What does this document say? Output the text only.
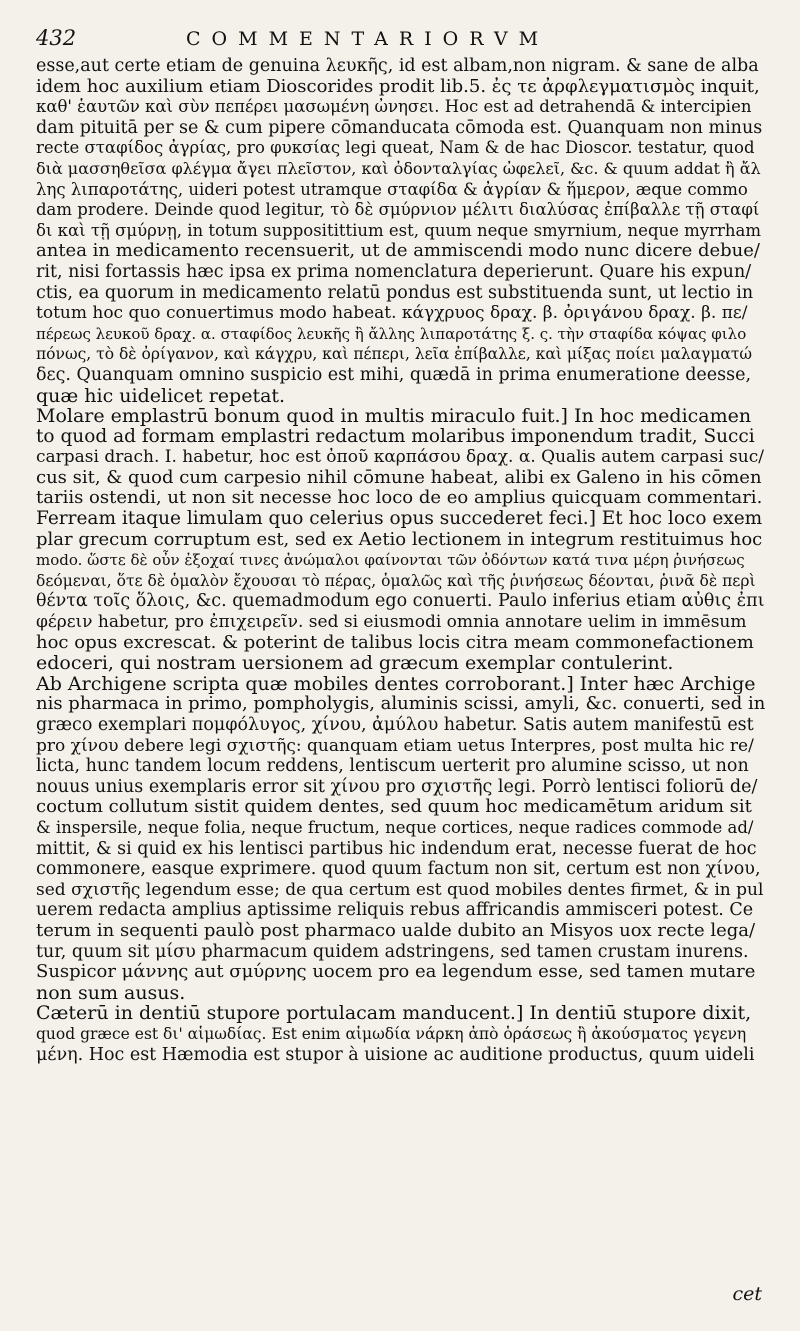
432	COMMENTARIORVM
esse,aut certe etiam de genuina λευκῆς, id est albam,non nigram. & sane de alba
idem hoc auxilium etiam Dioscorides prodit lib.5. ἐς τε ἀρφλεγματισμὸς inquit,
καθ' ἑαυτῶν καὶ σὺν πεπέρει μασωμένη ὠνησει. Hoc est ad detrahendā & intercipien
dam pituitā per se & cum pipere cōmanducata cōmoda est. Quanquam non minus
recte σταφίδος ἀγρίας, pro φυκσίας legi queat, Nam & de hac Dioscor. testatur, quod
διὰ μασσηθεῖσα φλέγμα ἄγει πλεῖστον, καὶ ὀδονταλγίας ὠφελεῖ, &c. & quum addat ἢ ἄλ
λης λιπαροτάτης, uideri potest utramque σταφίδα & ἀγρίαν & ἥμερον, æque commo
dam prodere. Deinde quod legitur, τὸ δὲ σμύρνιον μέλιτι διαλύσας ἐπίβαλλε τῇ σταφί
δι καὶ τῇ σμύρνῃ, in totum suppositittium est, quum neque smyrnium, neque myrrham
antea in medicamento recensuerit, ut de ammiscendi modo nunc dicere debue/
rit, nisi fortassis hæc ipsa ex prima nomenclatura deperierunt. Quare his expun/
ctis, ea quorum in medicamento relatū pondus est substituenda sunt, ut lectio in
totum hoc quo conuertimus modo habeat. κάγχρυος δραχ. β. ὀριγάνου δραχ. β. πε/
πέρεως λευκοῦ δραχ. α. σταφίδος λευκῆς ἢ ἄλλης λιπαροτάτης ξ. ς. τὴν σταφίδα κόψας φιλο
πόνως, τὸ δὲ ὀρίγανον, καὶ κάγχρυ, καὶ πέπερι, λεῖα ἐπίβαλλε, καὶ μίξας ποίει μαλαγματώ
δες. Quanquam omnino suspicio est mihi, quædā in prima enumeratione deesse,
quæ hic uidelicet repetat.
Molare emplastrū bonum quod in multis miraculo fuit.] In hoc medicamen
to quod ad formam emplastri redactum molaribus imponendum tradit, Succi
carpasi drach. I. habetur, hoc est ὀποῦ καρπάσου δραχ. α. Qualis autem carpasi suc/
cus sit, & quod cum carpesio nihil cōmune habeat, alibi ex Galeno in his cōmen
tariis ostendi, ut non sit necesse hoc loco de eo amplius quicquam commentari.
Ferream itaque limulam quo celerius opus succederet feci.] Et hoc loco exem
plar grecum corruptum est, sed ex Aetio lectionem in integrum restituimus hoc
modo. ὥστε δὲ οὖν ἐξοχαί τινες ἀνώμαλοι φαίνονται τῶν ὀδόντων κατά τινα μέρη ῥινήσεως
δεόμεναι, ὅτε δὲ ὁμαλὸν ἔχουσαι τὸ πέρας, ὁμαλῶς καὶ τῆς ῥινήσεως δέονται, ῥινᾶ δὲ περὶ
θέντα τοῖς ὅλοις, &c. quemadmodum ego conuerti. Paulo inferius etiam αὖθις ἐπι
φέρειν habetur, pro ἐπιχειρεῖν. sed si eiusmodi omnia annotare uelim in immēsum
hoc opus excrescat. & poterint de talibus locis citra meam commonefactionem
edoceri, qui nostram uersionem ad græcum exemplar contulerint.
Ab Archigene scripta quæ mobiles dentes corroborant.] Inter hæc Archige
nis pharmaca in primo, pompholygis, aluminis scissi, amyli, &c. conuerti, sed in
græco exemplari πομφόλυγος, χίνου, ἀμύλου habetur. Satis autem manifestū est
pro χίνου debere legi σχιστῆς: quanquam etiam uetus Interpres, post multa hic re/
licta, hunc tandem locum reddens, lentiscum uerterit pro alumine scisso, ut non
nouus unius exemplaris error sit χίνου pro σχιστῆς legi. Porrò lentisci foliorū de/
coctum collutum sistit quidem dentes, sed quum hoc medicamētum aridum sit
& inspersile, neque folia, neque fructum, neque cortices, neque radices commode ad/
mittit, & si quid ex his lentisci partibus hic indendum erat, necesse fuerat de hoc
commonere, easque exprimere. quod quum factum non sit, certum est non χίνου,
sed σχιστῆς legendum esse; de qua certum est quod mobiles dentes firmet, & in pul
uerem redacta amplius aptissime reliquis rebus affricandis ammisceri potest. Ce
terum in sequenti paulò post pharmaco ualde dubito an Misyos uox recte lega/
tur, quum sit μίσυ pharmacum quidem adstringens, sed tamen crustam inurens.
Suspicor μάννης aut σμύρνης uocem pro ea legendum esse, sed tamen mutare
non sum ausus.
Cæterū in dentiū stupore portulacam manducent.] In dentiū stupore dixit,
quod græce est δι' αἱμωδίας. Est enim αἱμωδία νάρκη ἀπὸ ὁράσεως ἢ ἀκούσματος γεγενη
μένη. Hoc est Hæmodia est stupor à uisione ac auditione productus, quum uideli
cet
